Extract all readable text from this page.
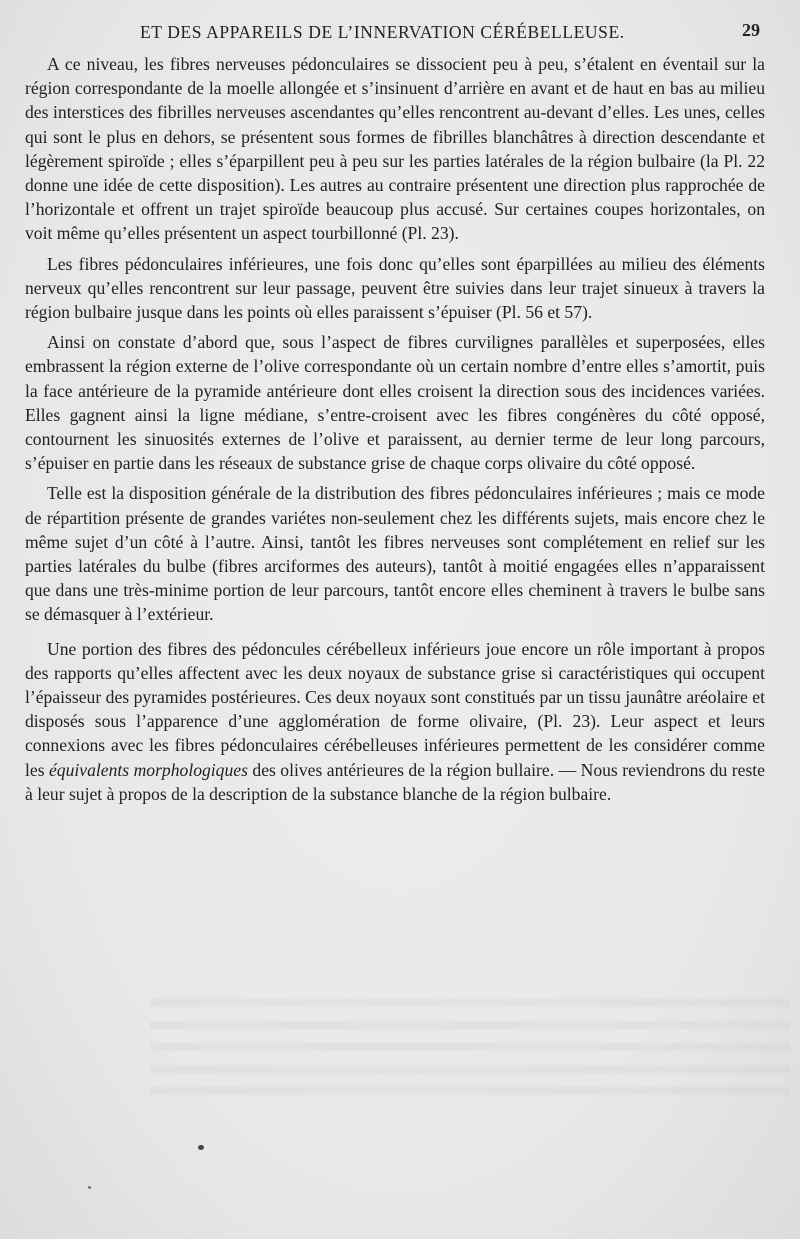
ET DES APPAREILS DE L’INNERVATION CÉRÉBELLEUSE.	29

A ce niveau, les fibres nerveuses pédonculaires se dissocient peu à peu, s’étalent en éventail sur la région correspondante de la moelle allongée et s’insinuent d’arrière en avant et de haut en bas au milieu des interstices des fibrilles nerveuses ascendantes qu’elles rencontrent au-devant d’elles. Les unes, celles qui sont le plus en dehors, se présentent sous formes de fibrilles blanchâtres à direction descendante et légèrement spiroïde ; elles s’éparpillent peu à peu sur les parties latérales de la région bulbaire (la Pl. 22 donne une idée de cette disposition). Les autres au contraire présentent une direction plus rapprochée de l’horizontale et offrent un trajet spiroïde beaucoup plus accusé. Sur certaines coupes horizontales, on voit même qu’elles présentent un aspect tourbillonné (Pl. 23).

Les fibres pédonculaires inférieures, une fois donc qu’elles sont éparpillées au milieu des éléments nerveux qu’elles rencontrent sur leur passage, peuvent être suivies dans leur trajet sinueux à travers la région bulbaire jusque dans les points où elles paraissent s’épuiser (Pl. 56 et 57).

Ainsi on constate d’abord que, sous l’aspect de fibres curvilignes parallèles et superposées, elles embrassent la région externe de l’olive correspondante où un certain nombre d’entre elles s’amortit, puis la face antérieure de la pyramide antérieure dont elles croisent la direction sous des incidences variées. Elles gagnent ainsi la ligne médiane, s’entre-croisent avec les fibres congénères du côté opposé, contournent les sinuosités externes de l’olive et paraissent, au dernier terme de leur long parcours, s’épuiser en partie dans les réseaux de substance grise de chaque corps olivaire du côté opposé.

Telle est la disposition générale de la distribution des fibres pédonculaires inférieures ; mais ce mode de répartition présente de grandes variétes non-seulement chez les différents sujets, mais encore chez le même sujet d’un côté à l’autre. Ainsi, tantôt les fibres nerveuses sont complétement en relief sur les parties latérales du bulbe (fibres arciformes des auteurs), tantôt à moitié engagées elles n’apparaissent que dans une très-minime portion de leur parcours, tantôt encore elles cheminent à travers le bulbe sans se démasquer à l’extérieur.

Une portion des fibres des pédoncules cérébelleux inférieurs joue encore un rôle important à propos des rapports qu’elles affectent avec les deux noyaux de substance grise si caractéristiques qui occupent l’épaisseur des pyramides postérieures. Ces deux noyaux sont constitués par un tissu jaunâtre aréolaire et disposés sous l’apparence d’une agglomération de forme olivaire, (Pl. 23). Leur aspect et leurs connexions avec les fibres pédonculaires cérébelleuses inférieures permettent de les considérer comme les équivalents morphologiques des olives antérieures de la région bullaire. — Nous reviendrons du reste à leur sujet à propos de la description de la substance blanche de la région bulbaire.
